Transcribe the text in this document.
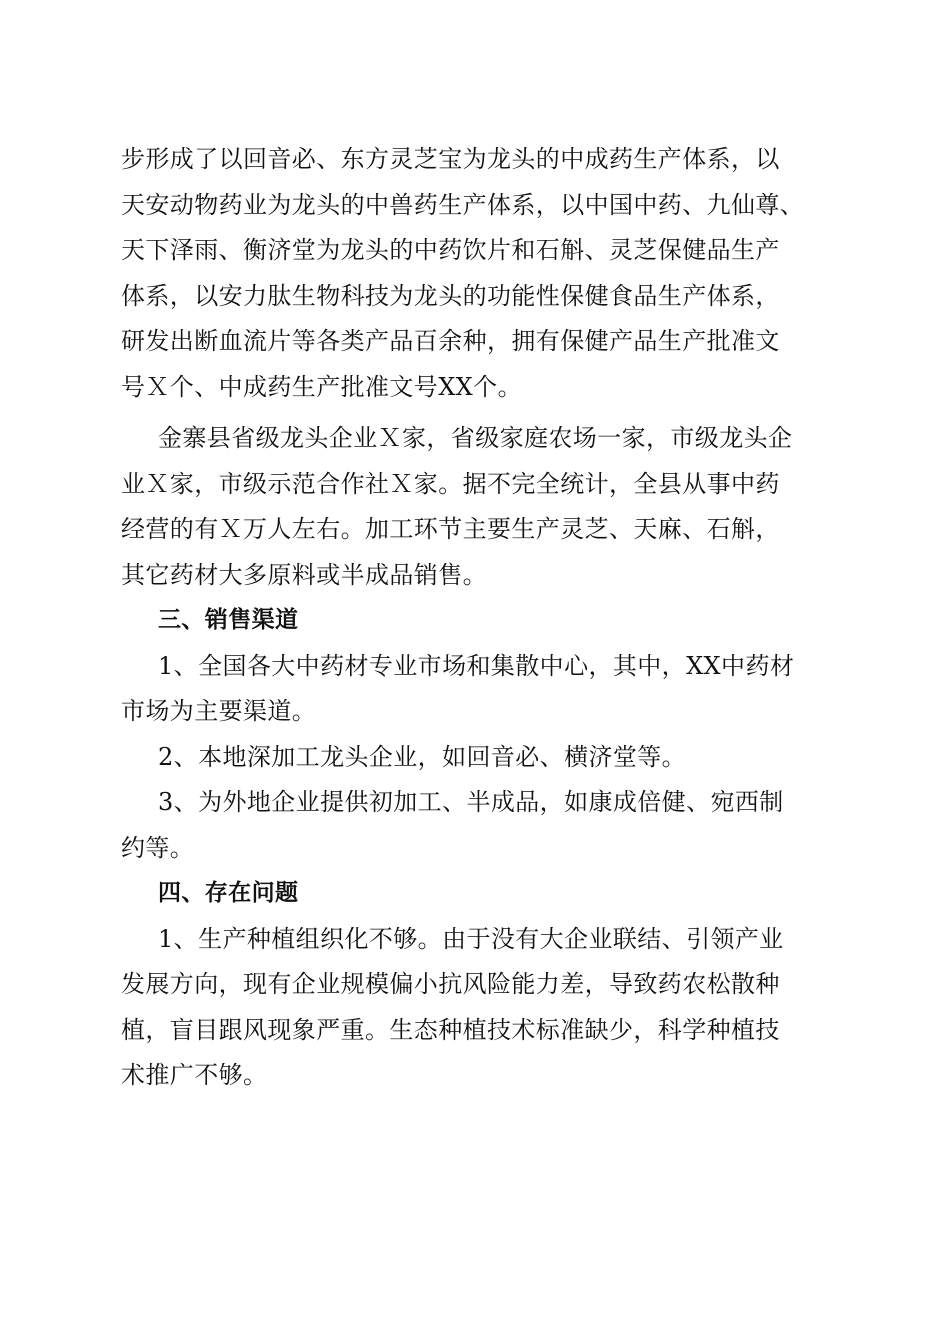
步形成了以回音必、东方灵芝宝为龙头的中成药生产体系，以
天安动物药业为龙头的中兽药生产体系，以中国中药、九仙尊、
天下泽雨、衡济堂为龙头的中药饮片和石斛、灵芝保健品生产
体系，以安力肽生物科技为龙头的功能性保健食品生产体系，
研发出断血流片等各类产品百余种，拥有保健产品生产批准文
号Ｘ个、中成药生产批准文号XX个。
金寨县省级龙头企业Ｘ家，省级家庭农场一家，市级龙头企
业Ｘ家，市级示范合作社Ｘ家。据不完全统计，全县从事中药
经营的有Ｘ万人左右。加工环节主要生产灵芝、天麻、石斛，
其它药材大多原料或半成品销售。
三、销售渠道
1、全国各大中药材专业市场和集散中心，其中，XX中药材
市场为主要渠道。
2、本地深加工龙头企业，如回音必、横济堂等。
3、为外地企业提供初加工、半成品，如康成倍健、宛西制
约等。
四、存在问题
1、生产种植组织化不够。由于没有大企业联结、引领产业
发展方向，现有企业规模偏小抗风险能力差，导致药农松散种
植，盲目跟风现象严重。生态种植技术标准缺少，科学种植技
术推广不够。
